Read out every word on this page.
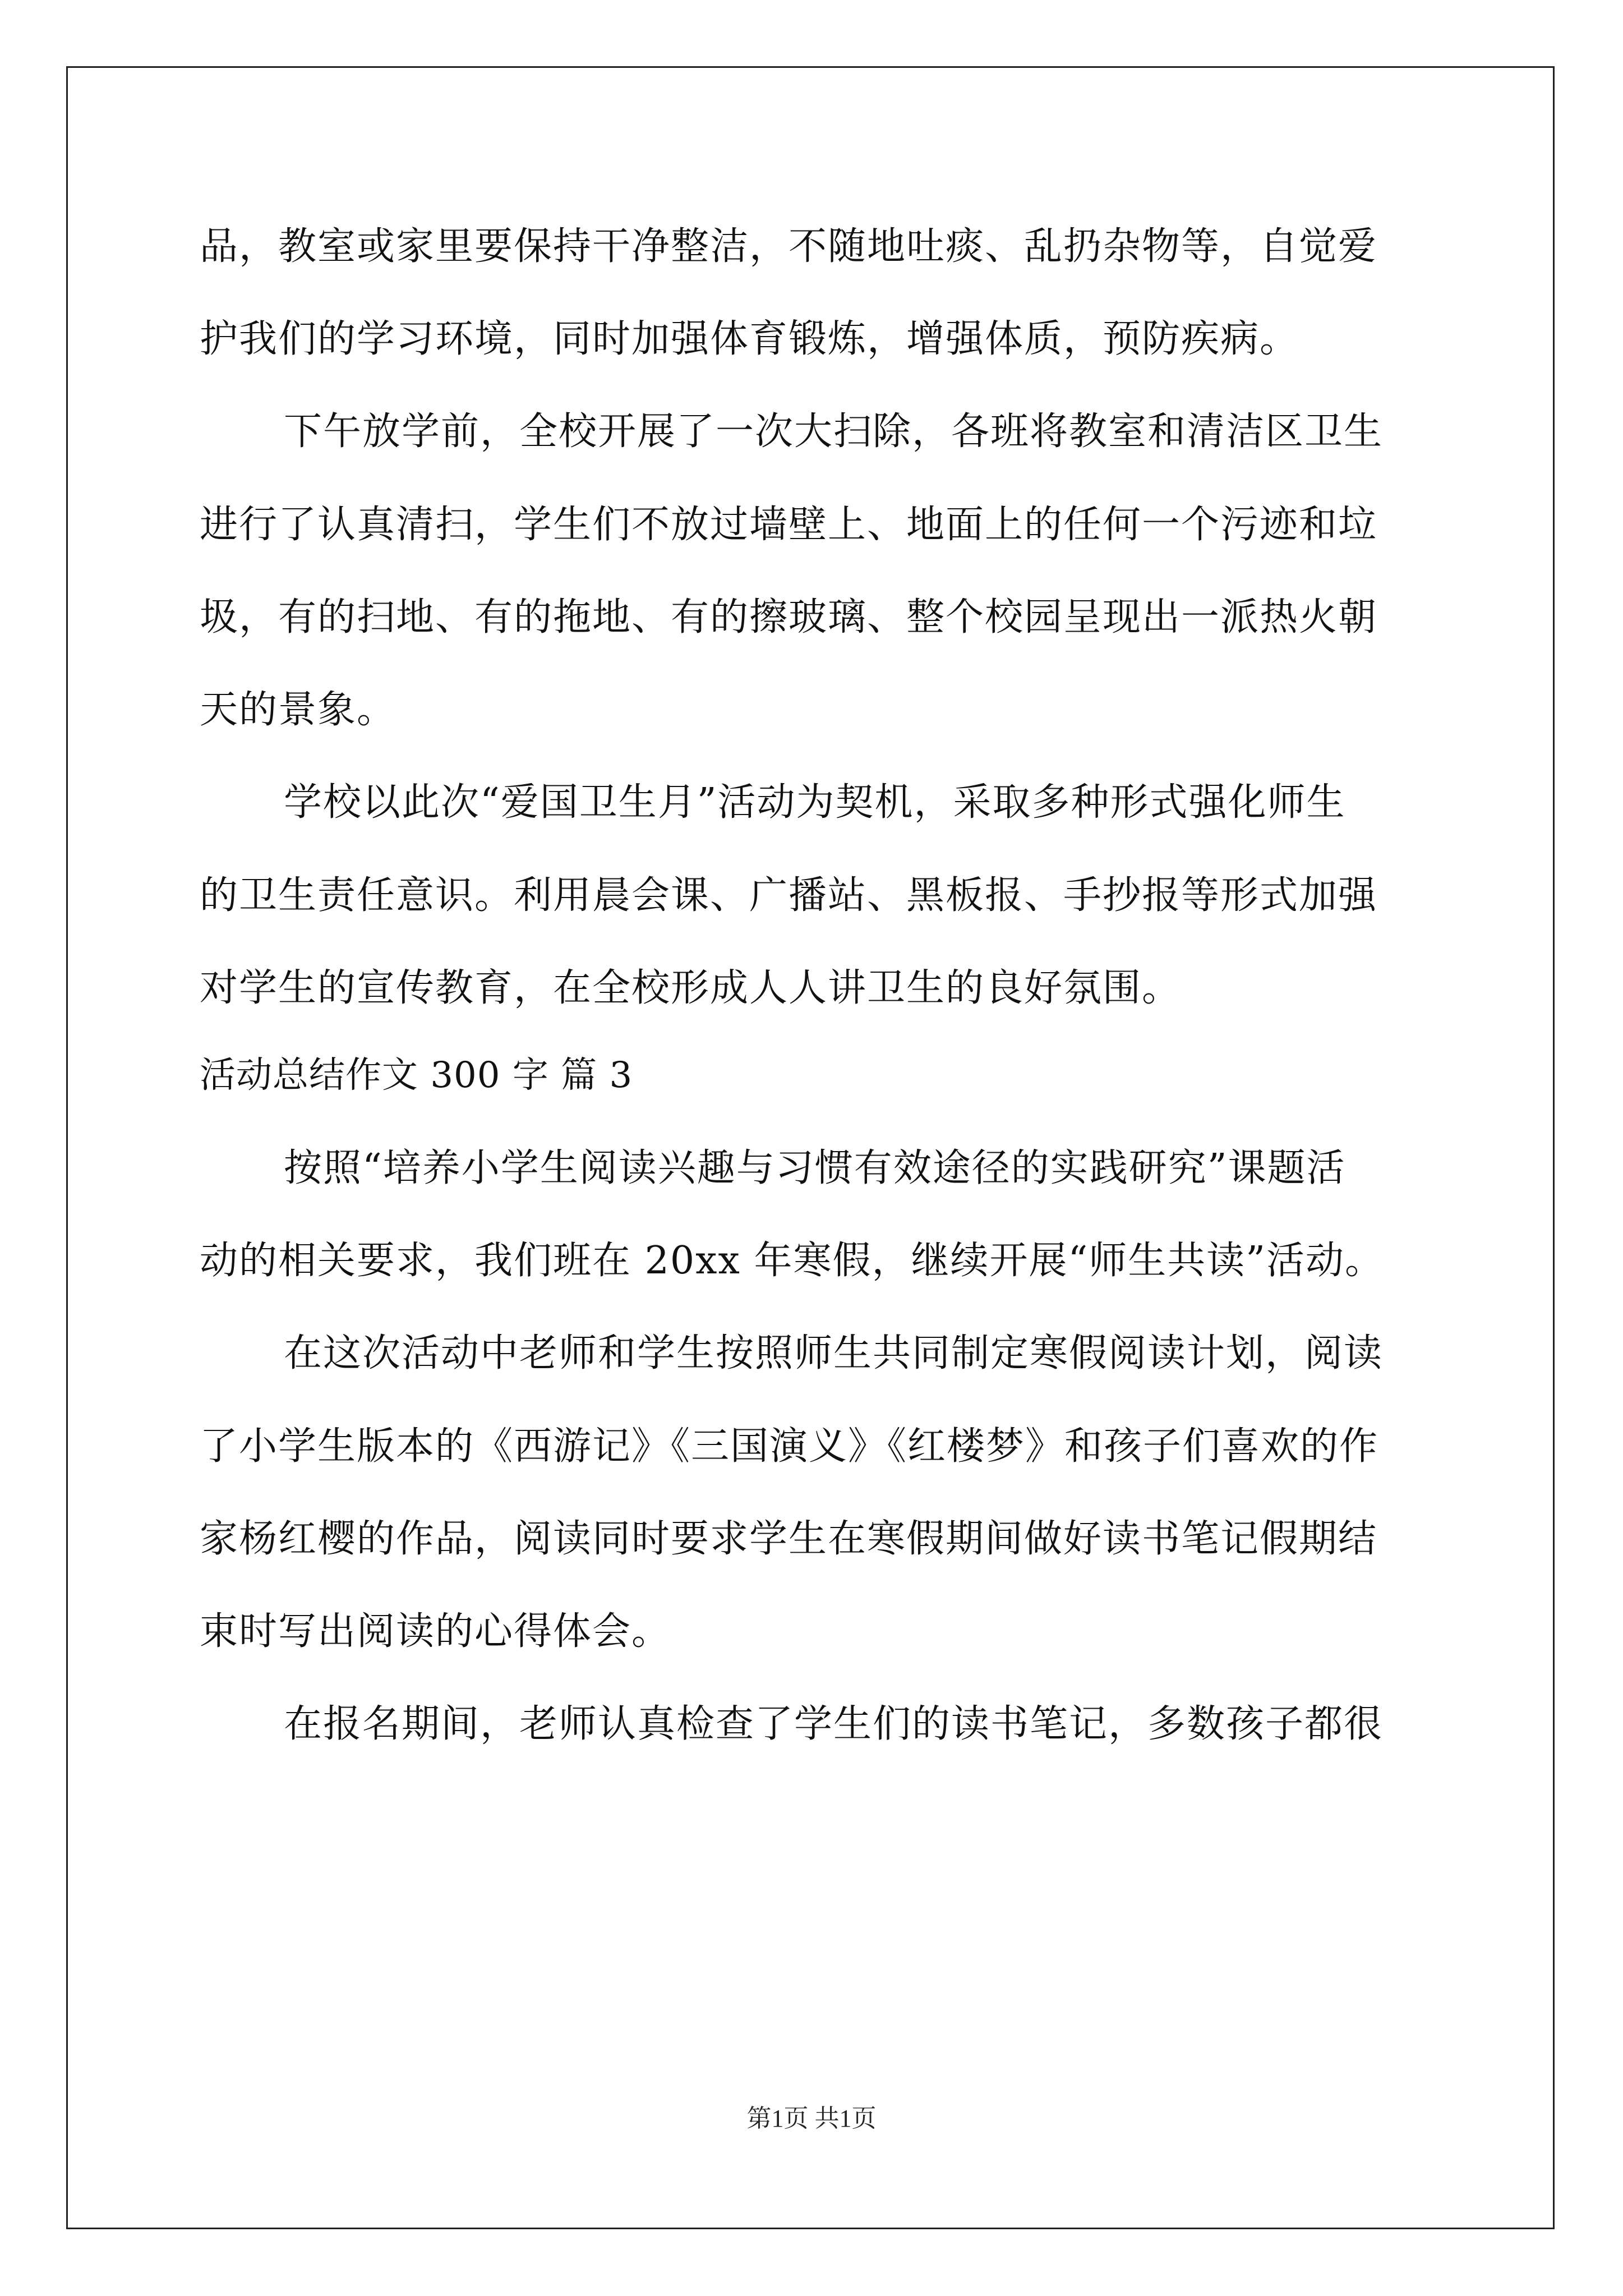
品，教室或家里要保持干净整洁，不随地吐痰、乱扔杂物等，自觉爱
护我们的学习环境，同时加强体育锻炼，增强体质，预防疾病。
下午放学前，全校开展了一次大扫除，各班将教室和清洁区卫生
进行了认真清扫，学生们不放过墙壁上、地面上的任何一个污迹和垃
圾，有的扫地、有的拖地、有的擦玻璃、整个校园呈现出一派热火朝
天的景象。
学校以此次“爱国卫生月”活动为契机，采取多种形式强化师生
的卫生责任意识。利用晨会课、广播站、黑板报、手抄报等形式加强
对学生的宣传教育，在全校形成人人讲卫生的良好氛围。
活动总结作文 300 字 篇 3
按照“培养小学生阅读兴趣与习惯有效途径的实践研究”课题活
动的相关要求，我们班在 20xx 年寒假，继续开展“师生共读”活动。
在这次活动中老师和学生按照师生共同制定寒假阅读计划，阅读
了小学生版本的《西游记》《三国演义》《红楼梦》和孩子们喜欢的作
家杨红樱的作品，阅读同时要求学生在寒假期间做好读书笔记假期结
束时写出阅读的心得体会。
在报名期间，老师认真检查了学生们的读书笔记，多数孩子都很
第1页 共1页
